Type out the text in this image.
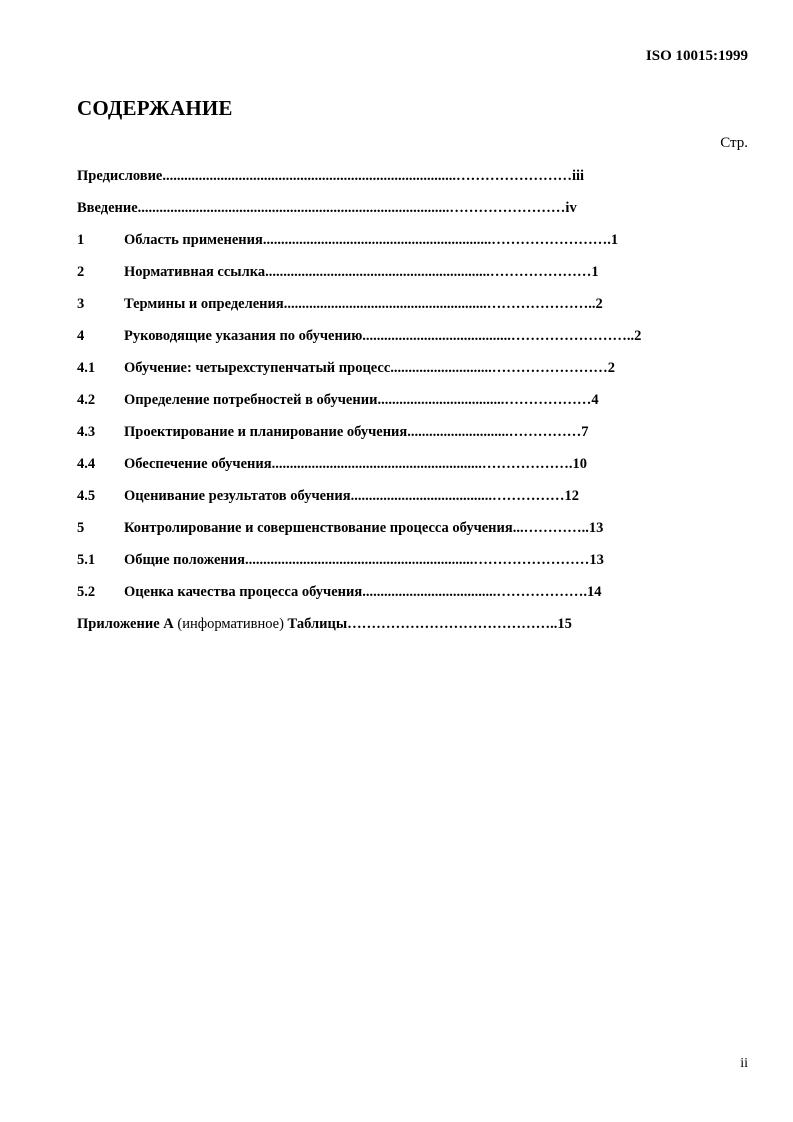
ISO 10015:1999
СОДЕРЖАНИЕ
Стр.
Предисловие.................................................................................……………………iii
Введение......................................................................................……………………iv
1	Область применения...............................................................…………………….1
2	Нормативная ссылка..............................................................…………………1
3	Термины и определения........................................................…………………..2
4	Руководящие указания по обучению.........................................……………………..2
4.1 Обучение: четырехступенчатый процесс............................……………………2
4.2 Определение потребностей в обучении...................................………………4
4.3 Проектирование и планирование обучения............................……………7
4.4 Обеспечение обучения..........................................................……………….10
4.5 Оценивание результатов обучения.......................................……………12
5	Контролирование и совершенствование процесса обучения...…………..13
5.1 Общие положения...............................................................……………………13
5.2 Оценка качества процесса обучения.....................................……………….14
Приложение А (информативное) Таблицы……………………………………..15
ii
